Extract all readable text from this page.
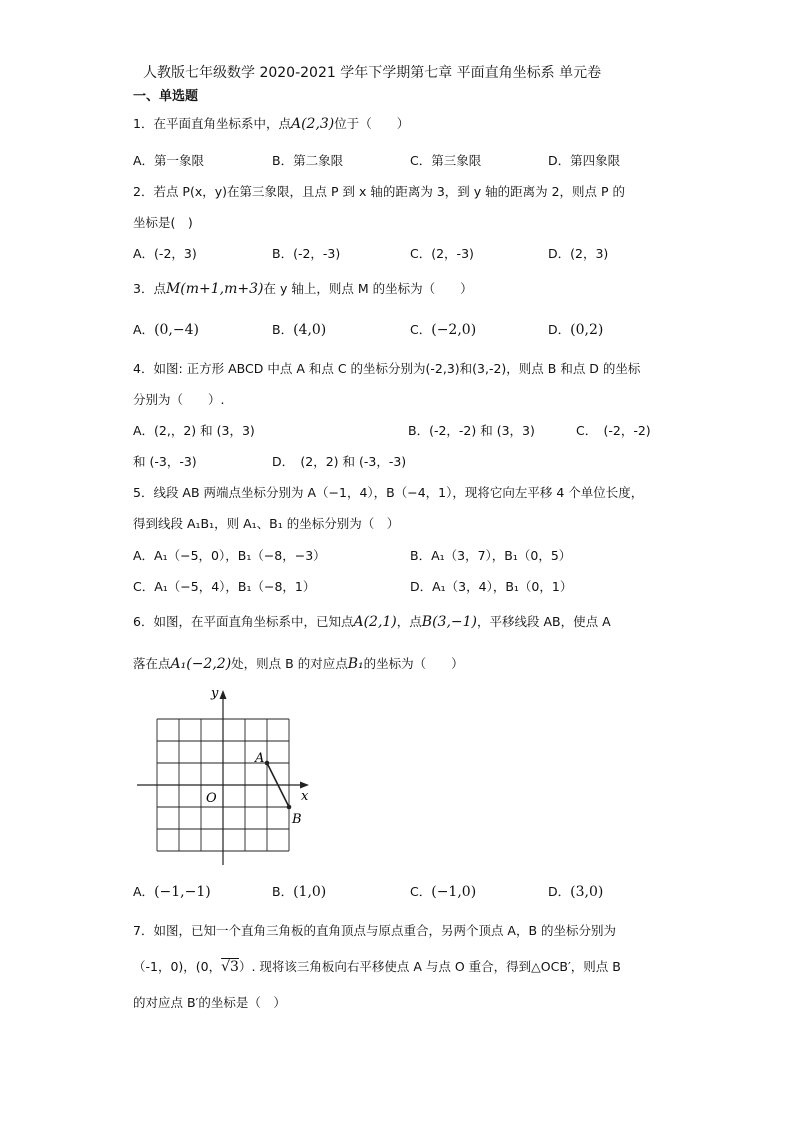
人教版七年级数学 2020-2021 学年下学期第七章 平面直角坐标系 单元卷
一、单选题
1．在平面直角坐标系中，点A(2,3)位于（　　）
A．第一象限	B．第二象限	C．第三象限	D．第四象限
2．若点 P(x，y)在第三象限，且点 P 到 x 轴的距离为 3，到 y 轴的距离为 2，则点 P 的
坐标是(　)
A．(-2，3)	B．(-2，-3)	C．(2，-3)	D．(2，3)
3．点M(m+1,m+3)在 y 轴上，则点 M 的坐标为（　　）
A．(0,−4)	B．(4,0)	C．(−2,0)	D．(0,2)
4．如图: 正方形 ABCD 中点 A 和点 C 的坐标分别为(-2,3)和(3,-2)，则点 B 和点 D 的坐标
分别为（　　）.
A．(2,，2) 和 (3，3)	B．(-2，-2) 和 (3，3)	C．　(-2，-2)
和 (-3，-3)	D．　(2，2) 和 (-3，-3)
5．线段 AB 两端点坐标分别为 A（−1，4），B（−4，1），现将它向左平移 4 个单位长度，
得到线段 A₁B₁，则 A₁、B₁ 的坐标分别为（　）
A．A₁（−5，0），B₁（−8，−3）	B．A₁（3，7），B₁（0，5）
C．A₁（−5，4），B₁（−8，1）	D．A₁（3，4），B₁（0，1）
6．如图，在平面直角坐标系中，已知点A(2,1)，点B(3,−1)，平移线段 AB，使点 A
落在点A₁(−2,2)处，则点 B 的对应点B₁的坐标为（　　）
y
x
O
A
B
A．(−1,−1)	B．(1,0)	C．(−1,0)	D．(3,0)
7．如图，已知一个直角三角板的直角顶点与原点重合，另两个顶点 A，B 的坐标分别为
（-1，0)，(0，√3）. 现将该三角板向右平移使点 A 与点 O 重合，得到△OCB′，则点 B
的对应点 B′的坐标是（　）
